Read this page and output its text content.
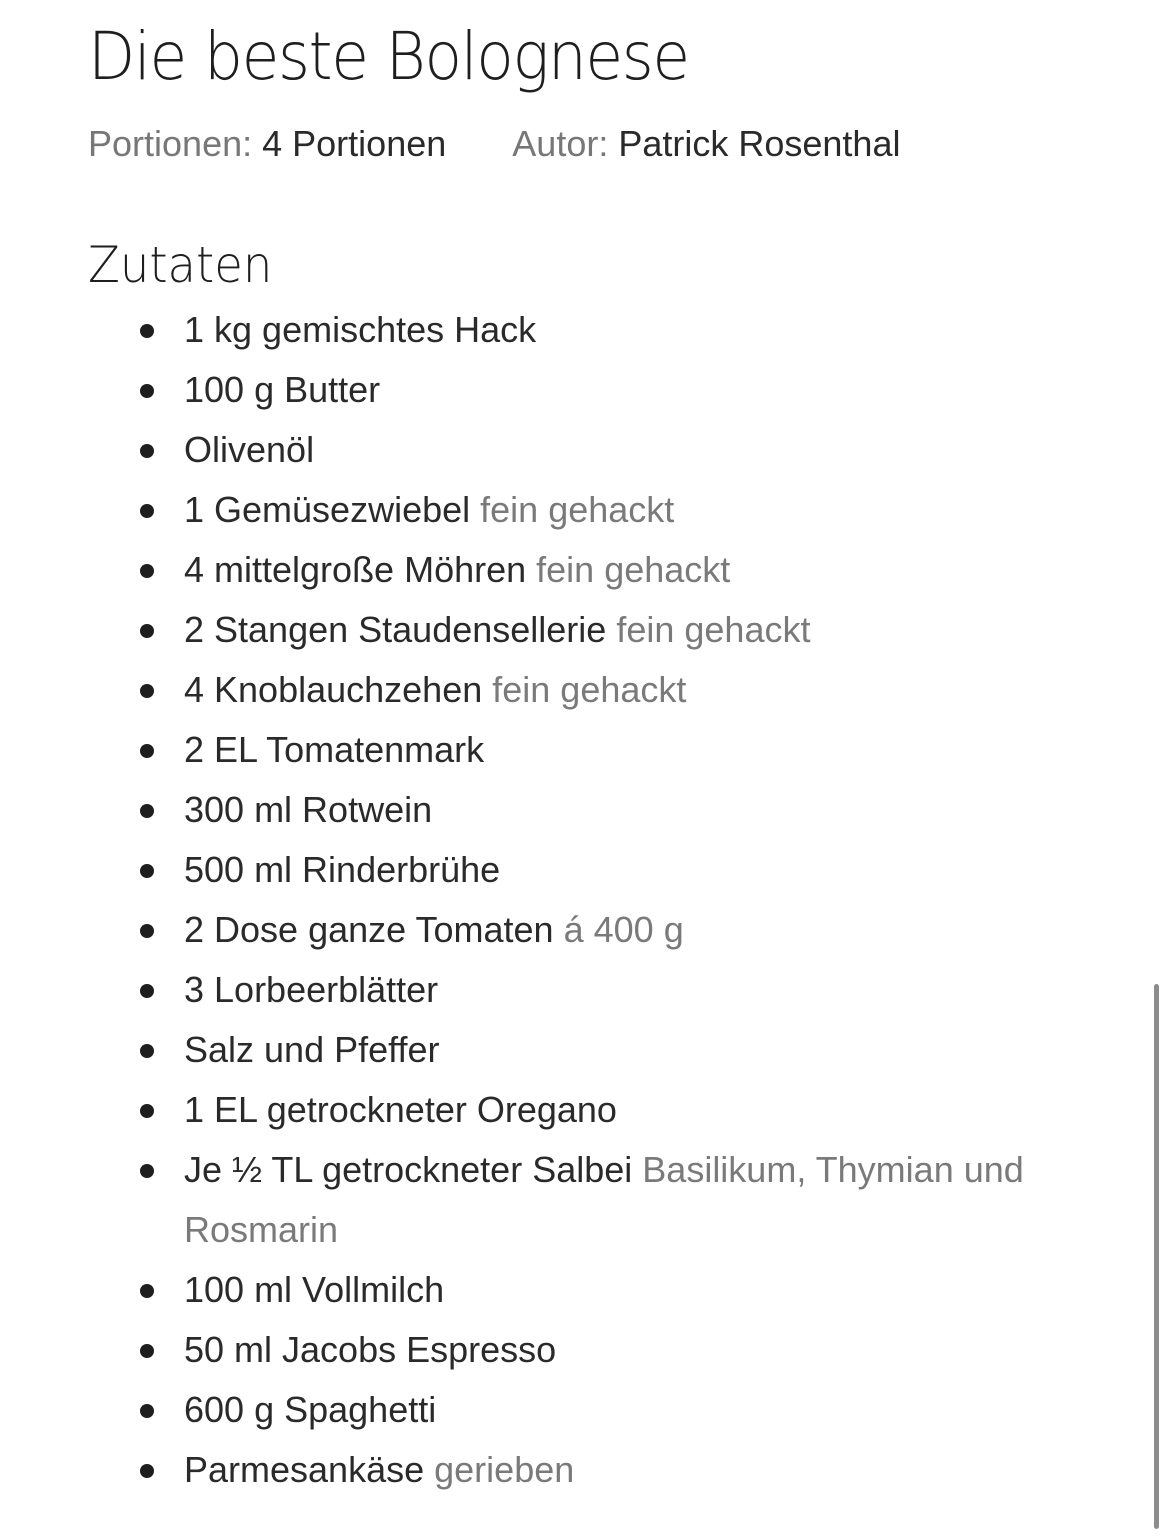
Die beste Bolognese
Portionen: 4 Portionen Autor: Patrick Rosenthal
Zutaten
1 kg gemischtes Hack
100 g Butter
Olivenöl
1 Gemüsezwiebel fein gehackt
4 mittelgroße Möhren fein gehackt
2 Stangen Staudensellerie fein gehackt
4 Knoblauchzehen fein gehackt
2 EL Tomatenmark
300 ml Rotwein
500 ml Rinderbrühe
2 Dose ganze Tomaten á 400 g
3 Lorbeerblätter
Salz und Pfeffer
1 EL getrockneter Oregano
Je ½ TL getrockneter Salbei Basilikum, Thymian und Rosmarin
100 ml Vollmilch
50 ml Jacobs Espresso
600 g Spaghetti
Parmesankäse gerieben
